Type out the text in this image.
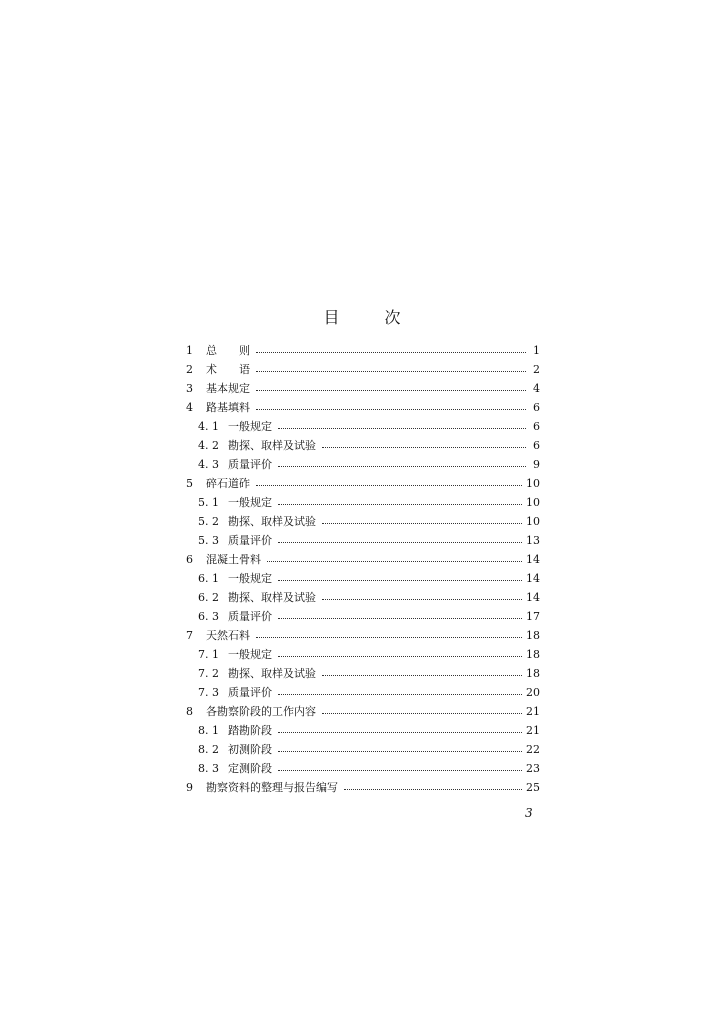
目	次
1	总　　则	1
2	术　　语	2
3	基本规定	4
4	路基填料	6
4. 1 一般规定	6
4. 2 勘探、取样及试验	6
4. 3 质量评价	9
5	碎石道砟	10
5. 1 一般规定	10
5. 2 勘探、取样及试验	10
5. 3 质量评价	13
6	混凝土骨料	14
6. 1 一般规定	14
6. 2 勘探、取样及试验	14
6. 3 质量评价	17
7	天然石料	18
7. 1 一般规定	18
7. 2 勘探、取样及试验	18
7. 3 质量评价	20
8	各勘察阶段的工作内容	21
8. 1 踏勘阶段	21
8. 2 初测阶段	22
8. 3 定测阶段	23
9	勘察资料的整理与报告编写	25
3
